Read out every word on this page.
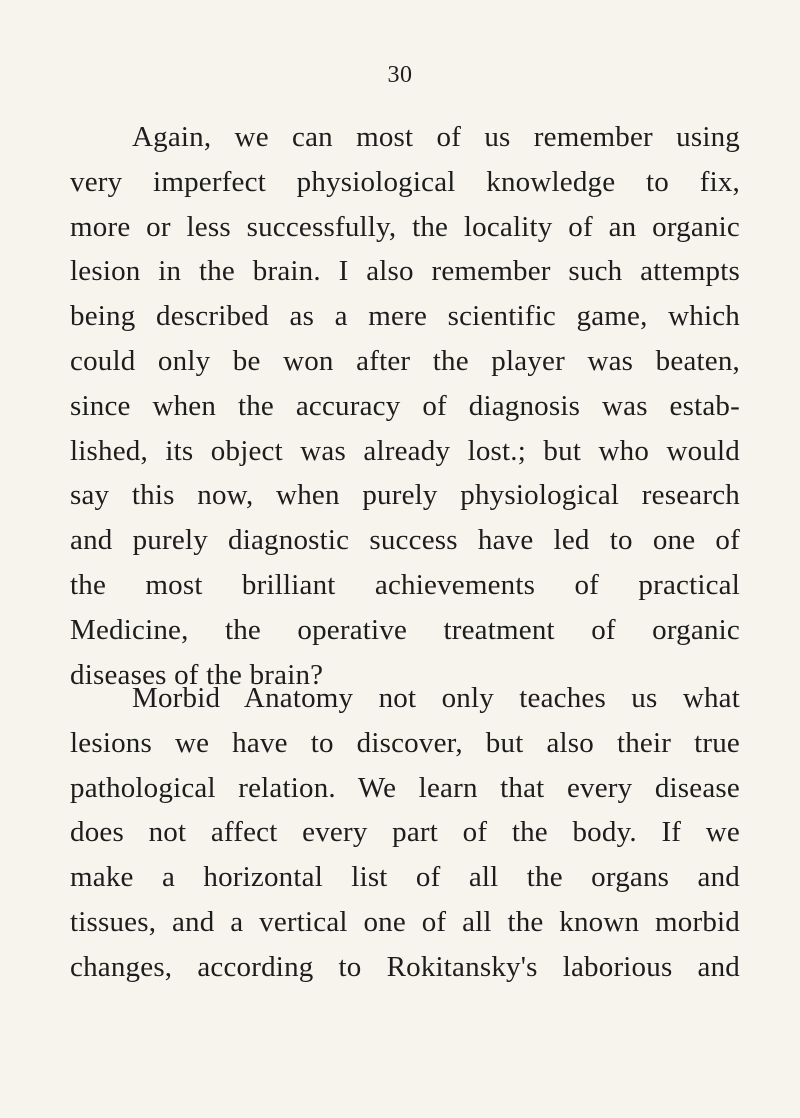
30
Again, we can most of us remember using
very imperfect physiological knowledge to fix,
more or less successfully, the locality of an organic
lesion in the brain. I also remember such attempts
being described as a mere scientific game, which
could only be won after the player was beaten,
since when the accuracy of diagnosis was estab-
lished, its object was already lost.; but who would
say this now, when purely physiological research
and purely diagnostic success have led to one of
the most brilliant achievements of practical
Medicine, the operative treatment of organic
diseases of the brain?
Morbid Anatomy not only teaches us what
lesions we have to discover, but also their true
pathological relation. We learn that every disease
does not affect every part of the body. If we
make a horizontal list of all the organs and
tissues, and a vertical one of all the known morbid
changes, according to Rokitansky's laborious and
